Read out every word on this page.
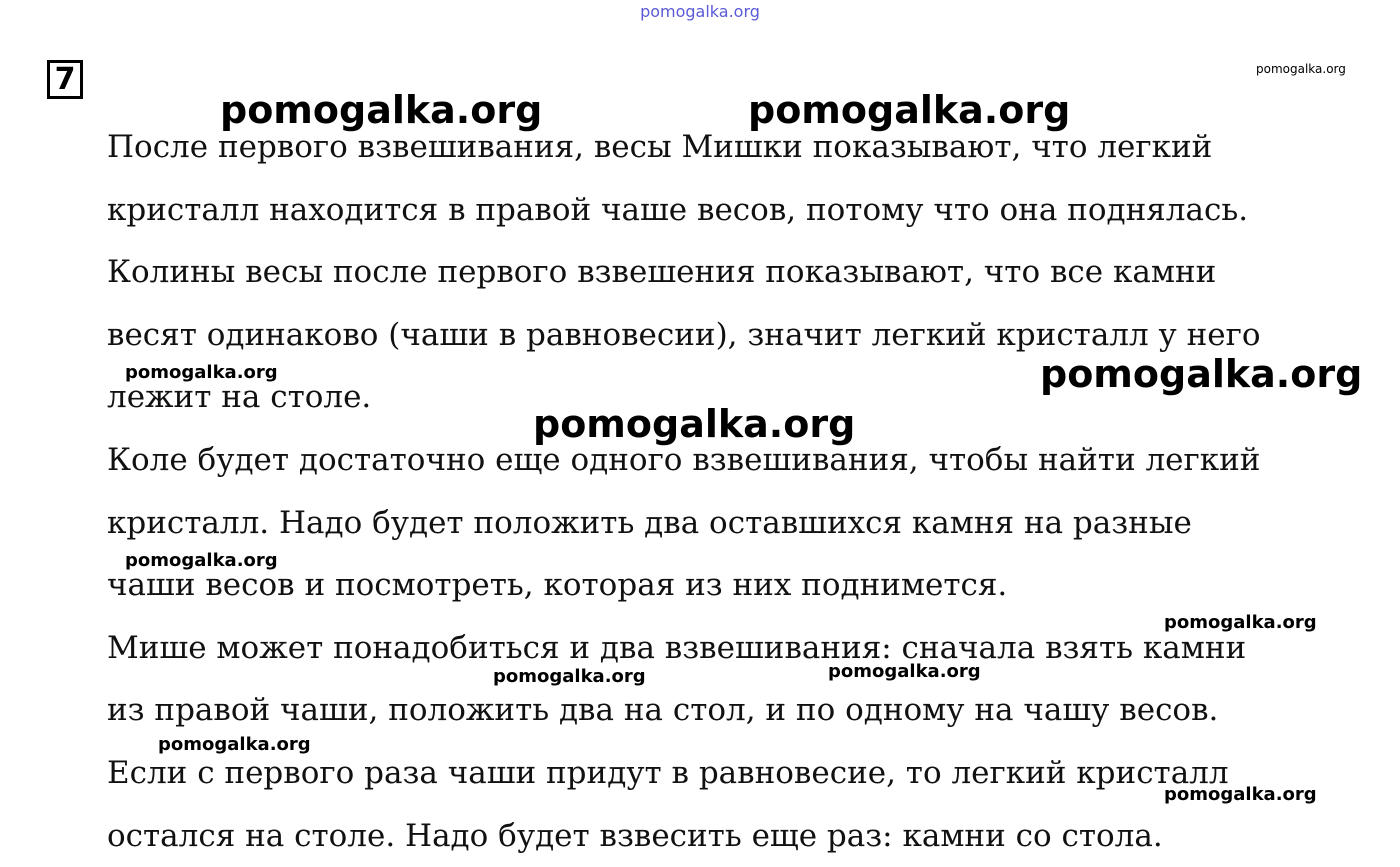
pomogalka.org
7	pomogalka.org
После первого взвешивания, весы Мишки показывают, что легкий
кристалл находится в правой чаше весов, потому что она поднялась.
Колины весы после первого взвешения показывают, что все камни
весят одинаково (чаши в равновесии), значит легкий кристалл у него
лежит на столе.
Коле будет достаточно еще одного взвешивания, чтобы найти легкий
кристалл. Надо будет положить два оставшихся камня на разные
чаши весов и посмотреть, которая из них поднимется.
Мише может понадобиться и два взвешивания: сначала взять камни
из правой чаши, положить два на стол, и по одному на чашу весов.
Если с первого раза чаши придут в равновесие, то легкий кристалл
остался на столе. Надо будет взвесить еще раз: камни со стола.
pomogalka.org	pomogalka.org
pomogalka.org	pomogalka.org
pomogalka.org
pomogalka.org
pomogalka.org
pomogalka.org	pomogalka.org
pomogalka.org
pomogalka.org
